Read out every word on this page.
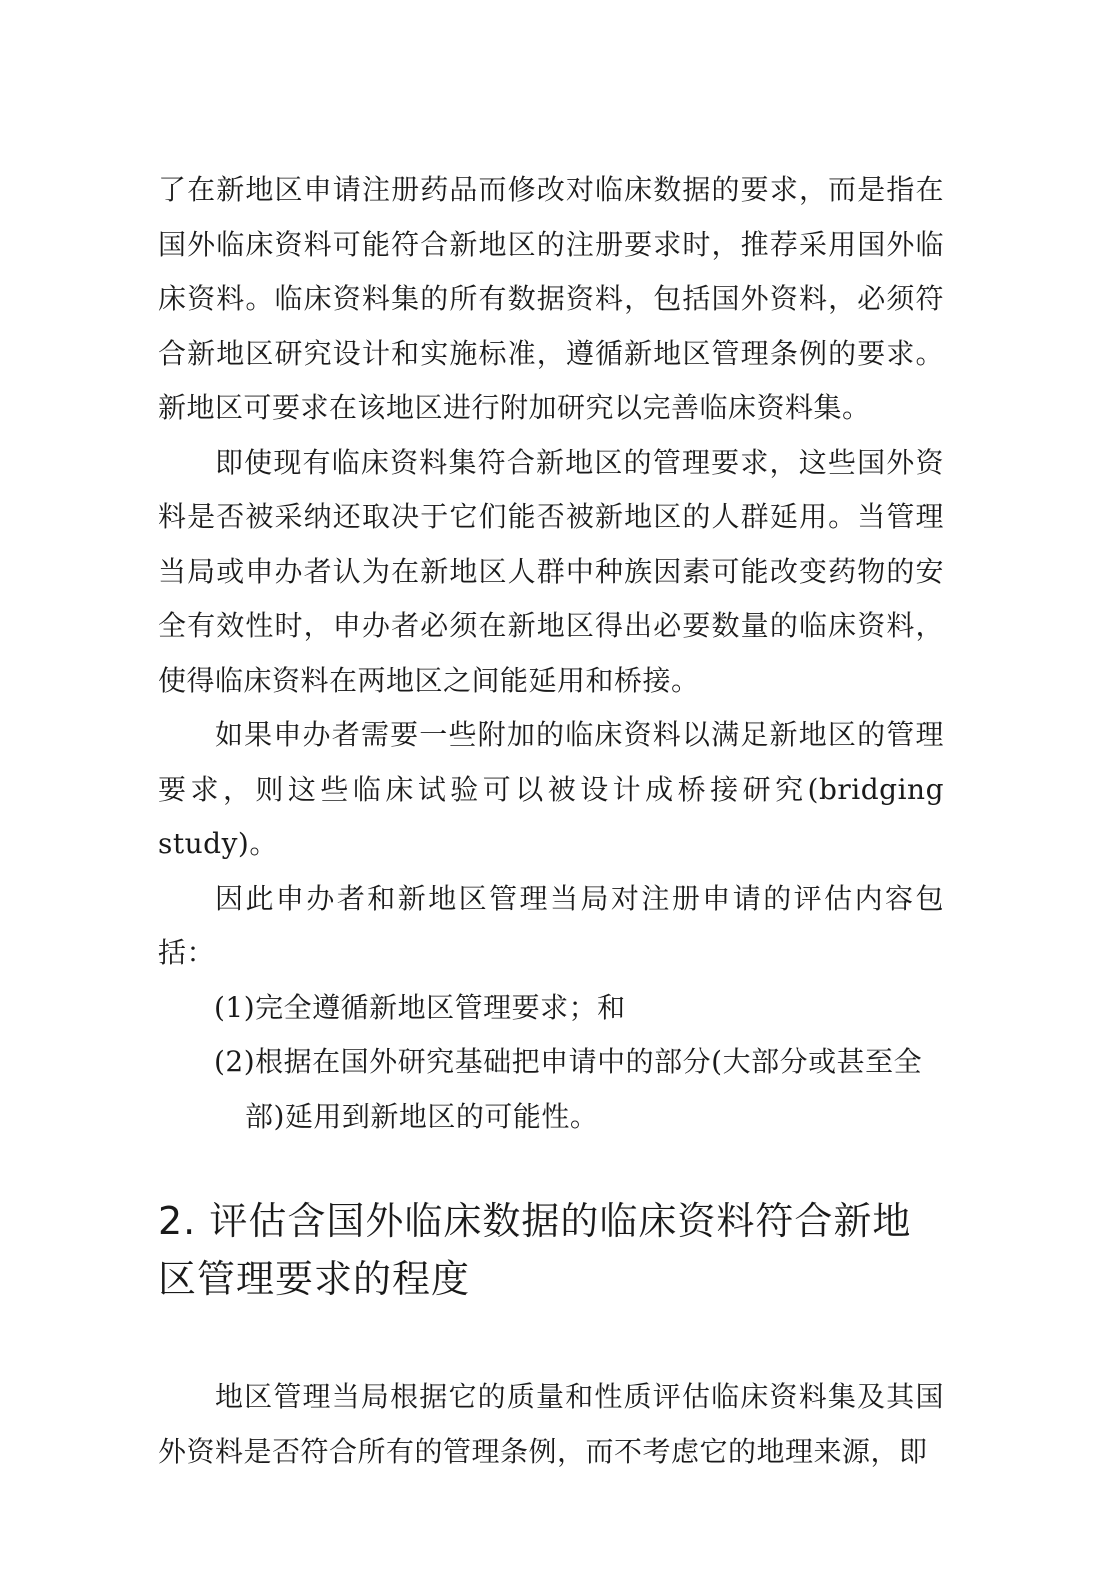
了在新地区申请注册药品而修改对临床数据的要求，而是指在国外临床资料可能符合新地区的注册要求时，推荐采用国外临床资料。临床资料集的所有数据资料，包括国外资料，必须符合新地区研究设计和实施标准，遵循新地区管理条例的要求。新地区可要求在该地区进行附加研究以完善临床资料集。

即使现有临床资料集符合新地区的管理要求，这些国外资料是否被采纳还取决于它们能否被新地区的人群延用。当管理当局或申办者认为在新地区人群中种族因素可能改变药物的安全有效性时，申办者必须在新地区得出必要数量的临床资料，使得临床资料在两地区之间能延用和桥接。

如果申办者需要一些附加的临床资料以满足新地区的管理要求，则这些临床试验可以被设计成桥接研究(bridging study)。

因此申办者和新地区管理当局对注册申请的评估内容包括：

(1)完全遵循新地区管理要求；和

(2)根据在国外研究基础把申请中的部分(大部分或甚至全部)延用到新地区的可能性。

2. 评估含国外临床数据的临床资料符合新地区管理要求的程度

地区管理当局根据它的质量和性质评估临床资料集及其国外资料是否符合所有的管理条例，而不考虑它的地理来源，即
